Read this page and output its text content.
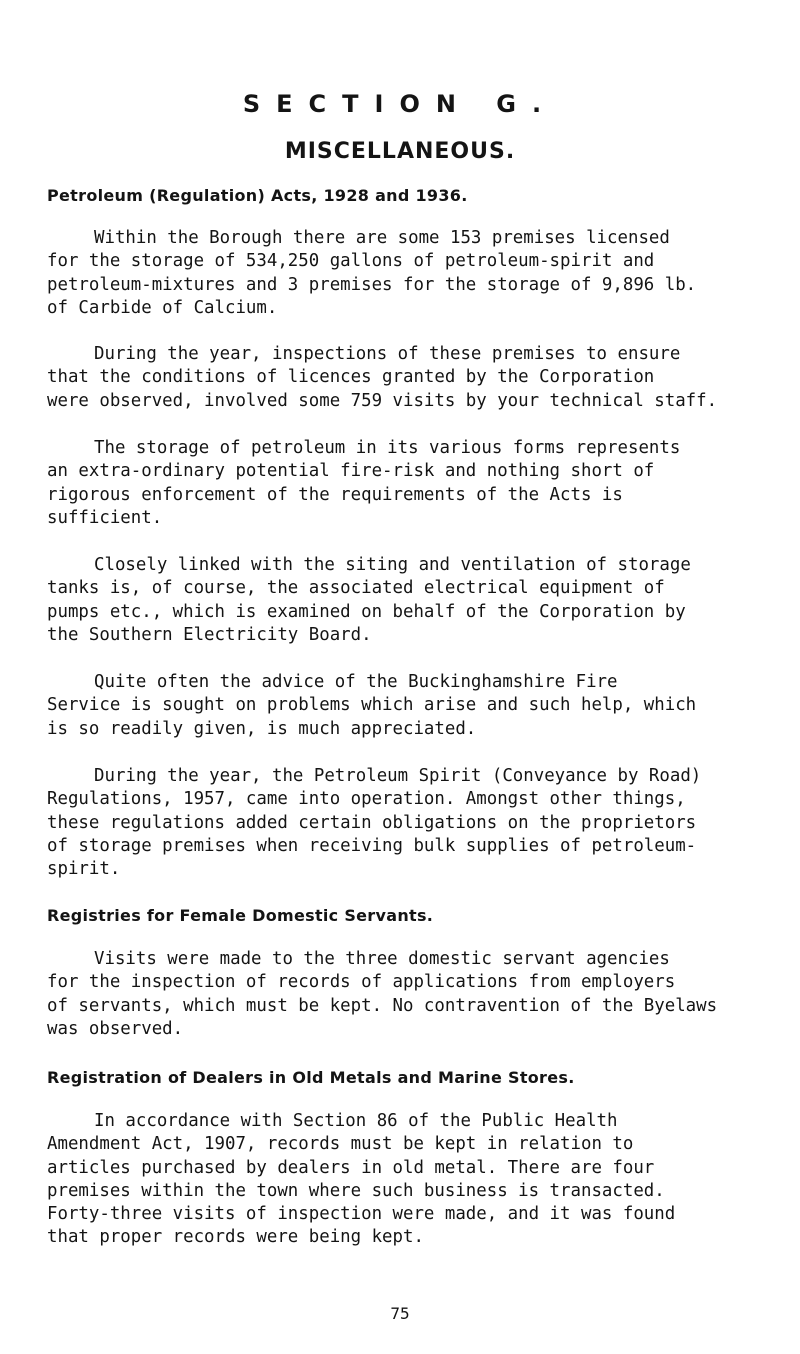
SECTION G.
MISCELLANEOUS.
Petroleum (Regulation) Acts, 1928 and 1936.
Within the Borough there are some 153 premises licensed
for the storage of 534,250 gallons of petroleum-spirit and
petroleum-mixtures and 3 premises for the storage of 9,896 lb.
of Carbide of Calcium.
During the year, inspections of these premises to ensure
that the conditions of licences granted by the Corporation
were observed, involved some 759 visits by your technical staff.
The storage of petroleum in its various forms represents
an extra-ordinary potential fire-risk and nothing short of
rigorous enforcement of the requirements of the Acts is
sufficient.
Closely linked with the siting and ventilation of storage
tanks is, of course, the associated electrical equipment of
pumps etc., which is examined on behalf of the Corporation by
the Southern Electricity Board.
Quite often the advice of the Buckinghamshire Fire
Service is sought on problems which arise and such help, which
is so readily given, is much appreciated.
During the year, the Petroleum Spirit (Conveyance by Road)
Regulations, 1957, came into operation. Amongst other things,
these regulations added certain obligations on the proprietors
of storage premises when receiving bulk supplies of petroleum-
spirit.
Registries for Female Domestic Servants.
Visits were made to the three domestic servant agencies
for the inspection of records of applications from employers
of servants, which must be kept. No contravention of the Byelaws
was observed.
Registration of Dealers in Old Metals and Marine Stores.
In accordance with Section 86 of the Public Health
Amendment Act, 1907, records must be kept in relation to
articles purchased by dealers in old metal. There are four
premises within the town where such business is transacted.
Forty-three visits of inspection were made, and it was found
that proper records were being kept.
75
